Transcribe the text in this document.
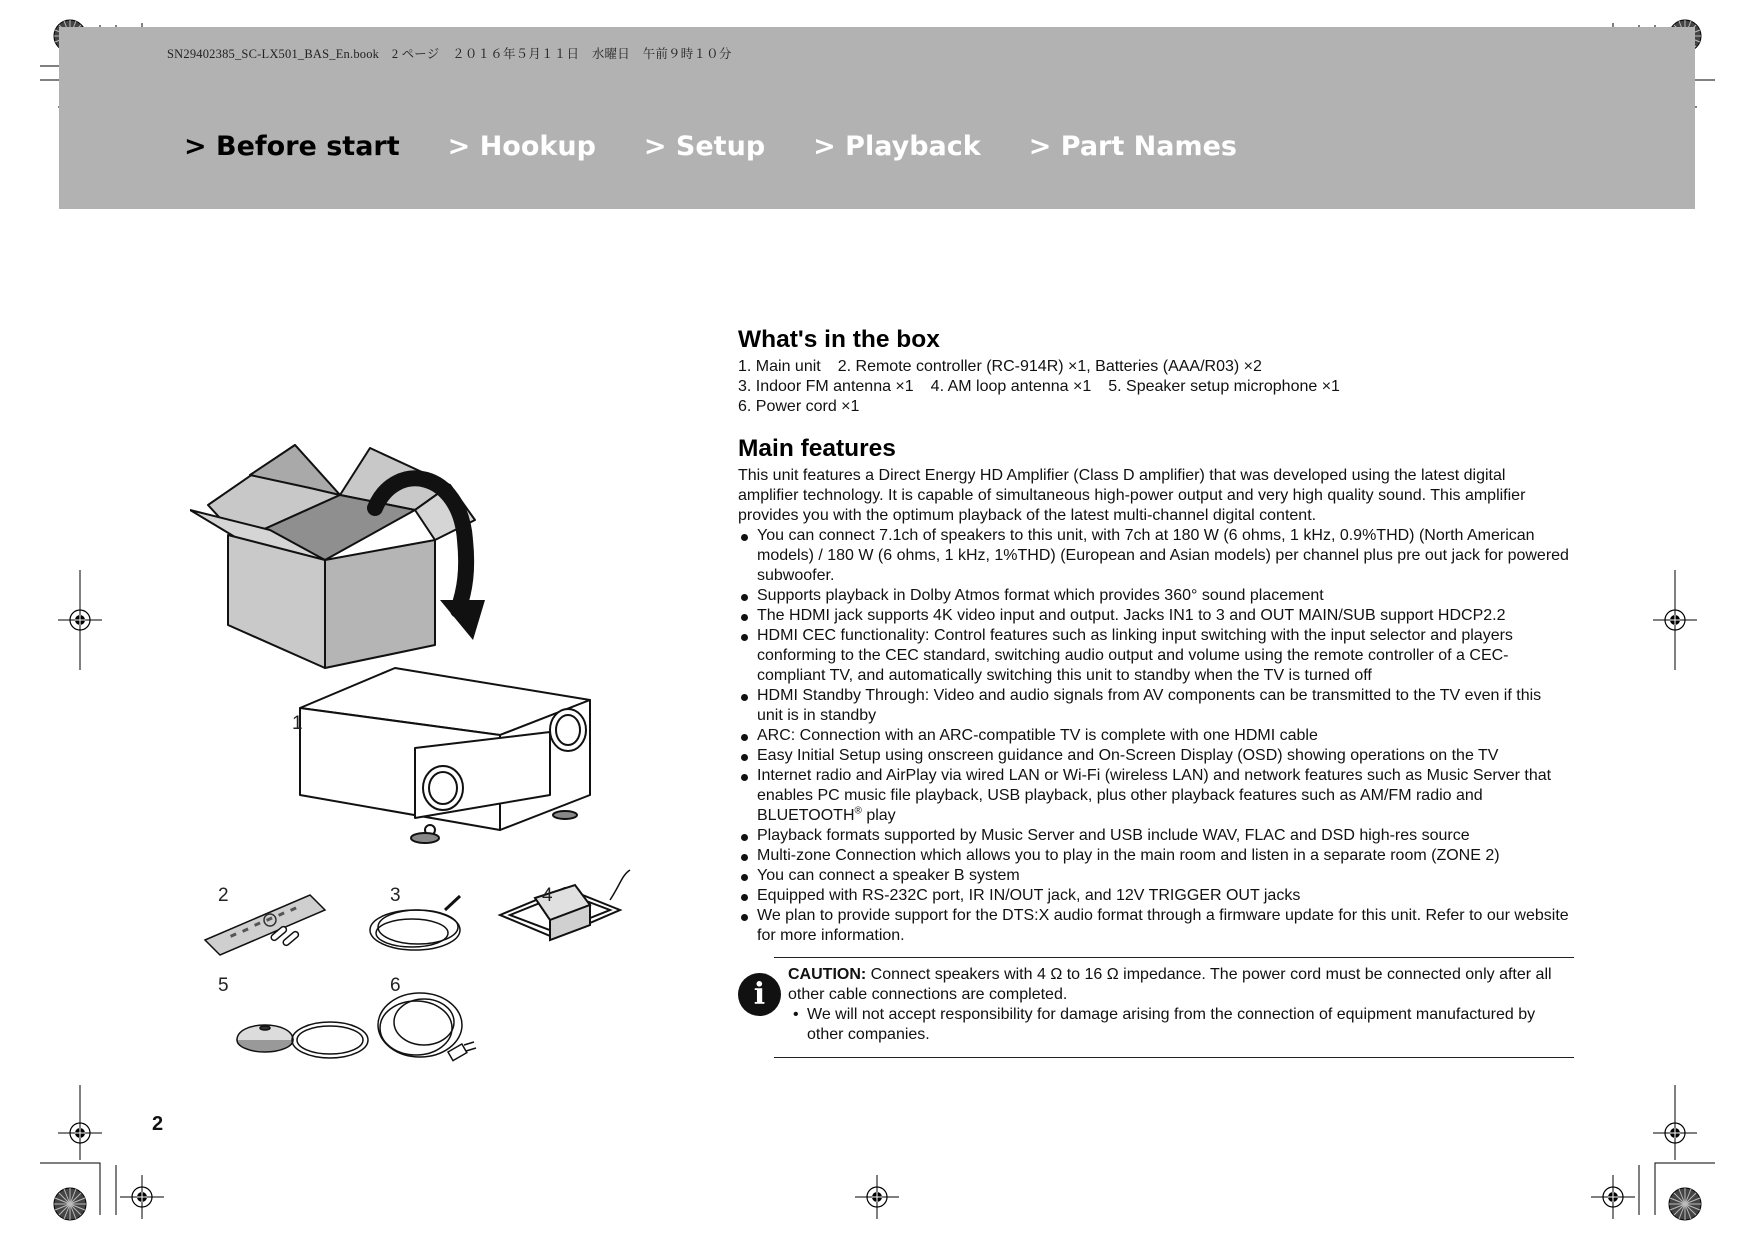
SN29402385_SC-LX501_BAS_En.book　2 ページ　２０１６年５月１１日　水曜日　午前９時１０分
> Before start > Hookup > Setup > Playback > Part Names
1
2	3	4
5	6
What's in the box
1. Main unit 2. Remote controller (RC-914R) ×1, Batteries (AAA/R03) ×2
3. Indoor FM antenna ×1 4. AM loop antenna ×1 5. Speaker setup microphone ×1
6. Power cord ×1
Main features

This unit features a Direct Energy HD Amplifier (Class D amplifier) that was developed using the latest digital amplifier technology. It is capable of simultaneous high-power output and very high quality sound. This amplifier provides you with the optimum playback of the latest multi-channel digital content.

You can connect 7.1ch of speakers to this unit, with 7ch at 180 W (6 ohms, 1 kHz, 0.9%THD) (North American models) / 180 W (6 ohms, 1 kHz, 1%THD) (European and Asian models) per channel plus pre out jack for powered subwoofer.
Supports playback in Dolby Atmos format which provides 360° sound placement
The HDMI jack supports 4K video input and output. Jacks IN1 to 3 and OUT MAIN/SUB support HDCP2.2
HDMI CEC functionality: Control features such as linking input switching with the input selector and players conforming to the CEC standard, switching audio output and volume using the remote controller of a CEC-compliant TV, and automatically switching this unit to standby when the TV is turned off
HDMI Standby Through: Video and audio signals from AV components can be transmitted to the TV even if this unit is in standby
ARC: Connection with an ARC-compatible TV is complete with one HDMI cable
Easy Initial Setup using onscreen guidance and On-Screen Display (OSD) showing operations on the TV
Internet radio and AirPlay via wired LAN or Wi-Fi (wireless LAN) and network features such as Music Server that enables PC music file playback, USB playback, plus other playback features such as AM/FM radio and BLUETOOTH® play
Playback formats supported by Music Server and USB include WAV, FLAC and DSD high-res source
Multi-zone Connection which allows you to play in the main room and listen in a separate room (ZONE 2)
You can connect a speaker B system
Equipped with RS-232C port, IR IN/OUT jack, and 12V TRIGGER OUT jacks
We plan to provide support for the DTS:X audio format through a firmware update for this unit. Refer to our website for more information.
i
CAUTION: Connect speakers with 4 Ω to 16 Ω impedance. The power cord must be connected only after all other cable connections are completed.
• We will not accept responsibility for damage arising from the connection of equipment manufactured by other companies.
2
